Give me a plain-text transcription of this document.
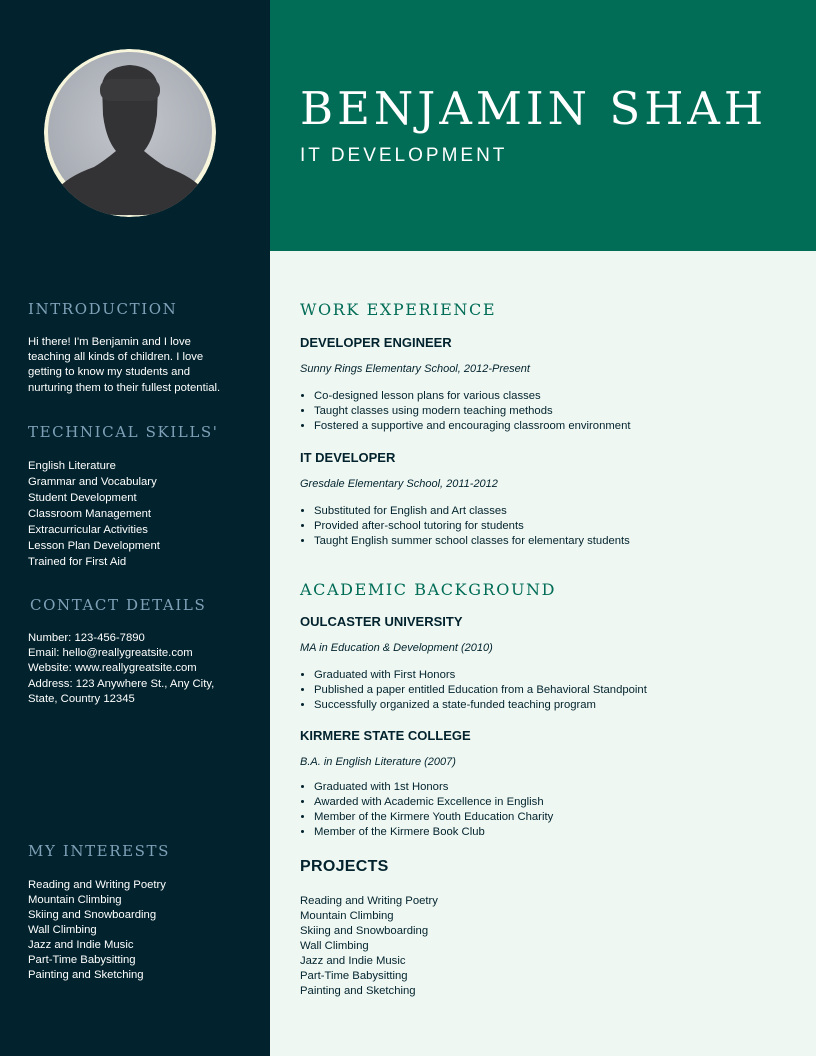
BENJAMIN SHAH

IT DEVELOPMENT

INTRODUCTION

Hi there! I'm Benjamin and I love teaching all kinds of children. I love getting to know my students and nurturing them to their fullest potential.

TECHNICAL SKILLS'
English Literature
Grammar and Vocabulary
Student Development
Classroom Management
Extracurricular Activities
Lesson Plan Development
Trained for First Aid
CONTACT DETAILS
Number: 123-456-7890
Email: hello@reallygreatsite.com
Website: www.reallygreatsite.com
Address: 123 Anywhere St., Any City, State, Country 12345
MY INTERESTS
Reading and Writing Poetry
Mountain Climbing
Skiing and Snowboarding
Wall Climbing
Jazz and Indie Music
Part-Time Babysitting
Painting and Sketching
WORK EXPERIENCE
DEVELOPER ENGINEER

Sunny Rings Elementary School, 2012-Present

• Co-designed lesson plans for various classes
• Taught classes using modern teaching methods
• Fostered a supportive and encouraging classroom environment
IT DEVELOPER

Gresdale Elementary School, 2011-2012

• Substituted for English and Art classes
• Provided after-school tutoring for students
• Taught English summer school classes for elementary students
ACADEMIC BACKGROUND
OULCASTER UNIVERSITY

MA in Education & Development (2010)

• Graduated with First Honors
• Published a paper entitled Education from a Behavioral Standpoint
• Successfully organized a state-funded teaching program
KIRMERE STATE COLLEGE

B.A. in English Literature (2007)

• Graduated with 1st Honors
• Awarded with Academic Excellence in English
• Member of the Kirmere Youth Education Charity
• Member of the Kirmere Book Club
PROJECTS
Reading and Writing Poetry
Mountain Climbing
Skiing and Snowboarding
Wall Climbing
Jazz and Indie Music
Part-Time Babysitting
Painting and Sketching
